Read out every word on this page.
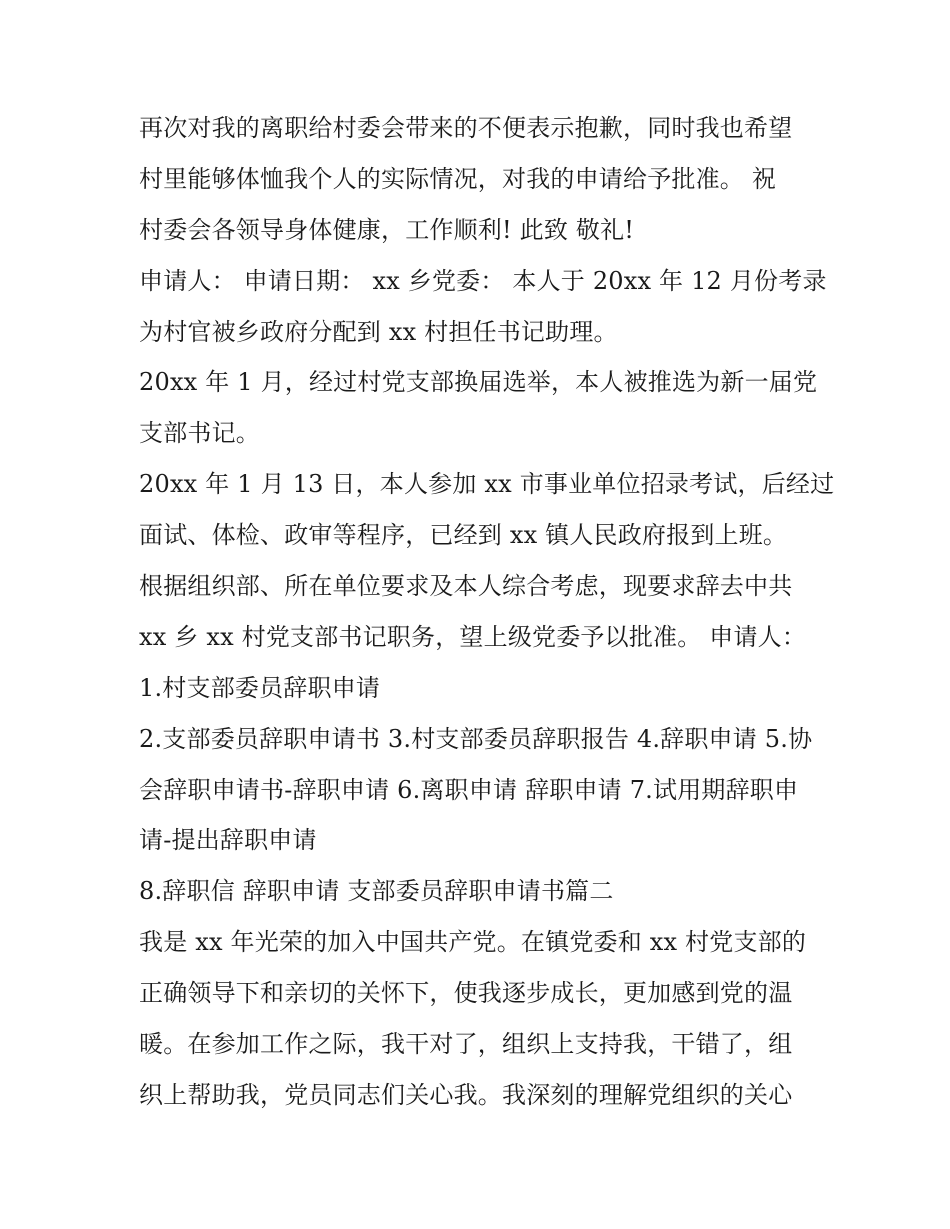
再次对我的离职给村委会带来的不便表示抱歉，同时我也希望
村里能够体恤我个人的实际情况，对我的申请给予批准。 祝
村委会各领导身体健康，工作顺利! 此致 敬礼!
申请人： 申请日期： xx 乡党委： 本人于 20xx 年 12 月份考录
为村官被乡政府分配到 xx 村担任书记助理。
20xx 年 1 月，经过村党支部换届选举，本人被推选为新一届党
支部书记。
20xx 年 1 月 13 日，本人参加 xx 市事业单位招录考试，后经过
面试、体检、政审等程序，已经到 xx 镇人民政府报到上班。
根据组织部、所在单位要求及本人综合考虑，现要求辞去中共
xx 乡 xx 村党支部书记职务，望上级党委予以批准。 申请人：
1.村支部委员辞职申请
2.支部委员辞职申请书 3.村支部委员辞职报告 4.辞职申请 5.协
会辞职申请书-辞职申请 6.离职申请 辞职申请 7.试用期辞职申
请-提出辞职申请
8.辞职信 辞职申请 支部委员辞职申请书篇二
我是 xx 年光荣的加入中国共产党。在镇党委和 xx 村党支部的
正确领导下和亲切的关怀下，使我逐步成长，更加感到党的温
暖。在参加工作之际，我干对了，组织上支持我，干错了，组
织上帮助我，党员同志们关心我。我深刻的理解党组织的关心
